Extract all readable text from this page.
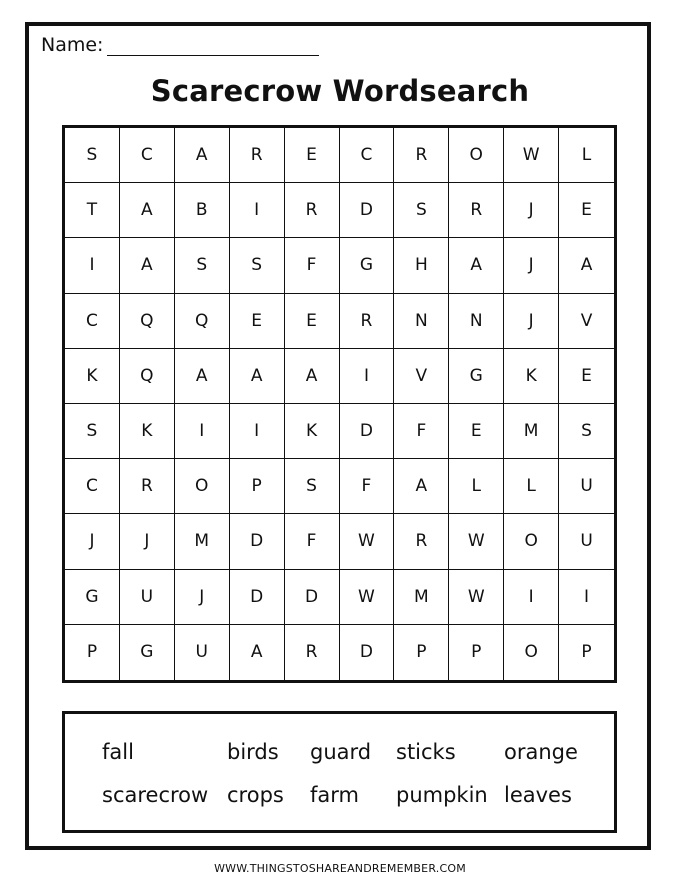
Name:
Scarecrow Wordsearch
S	C	A	R	E	C	R	O	W	L
T	A	B	I	R	D	S	R	J	E
I	A	S	S	F	G	H	A	J	A
C	Q	Q	E	E	R	N	N	J	V
K	Q	A	A	A	I	V	G	K	E
S	K	I	I	K	D	F	E	M	S
C	R	O	P	S	F	A	L	L	U
J	J	M	D	F	W	R	W	O	U
G	U	J	D	D	W	M	W	I	I
P	G	U	A	R	D	P	P	O	P
fall	birds guard sticks orange
scarecrow crops farm pumpkin leaves
WWW.THINGSTOSHAREANDREMEMBER.COM
